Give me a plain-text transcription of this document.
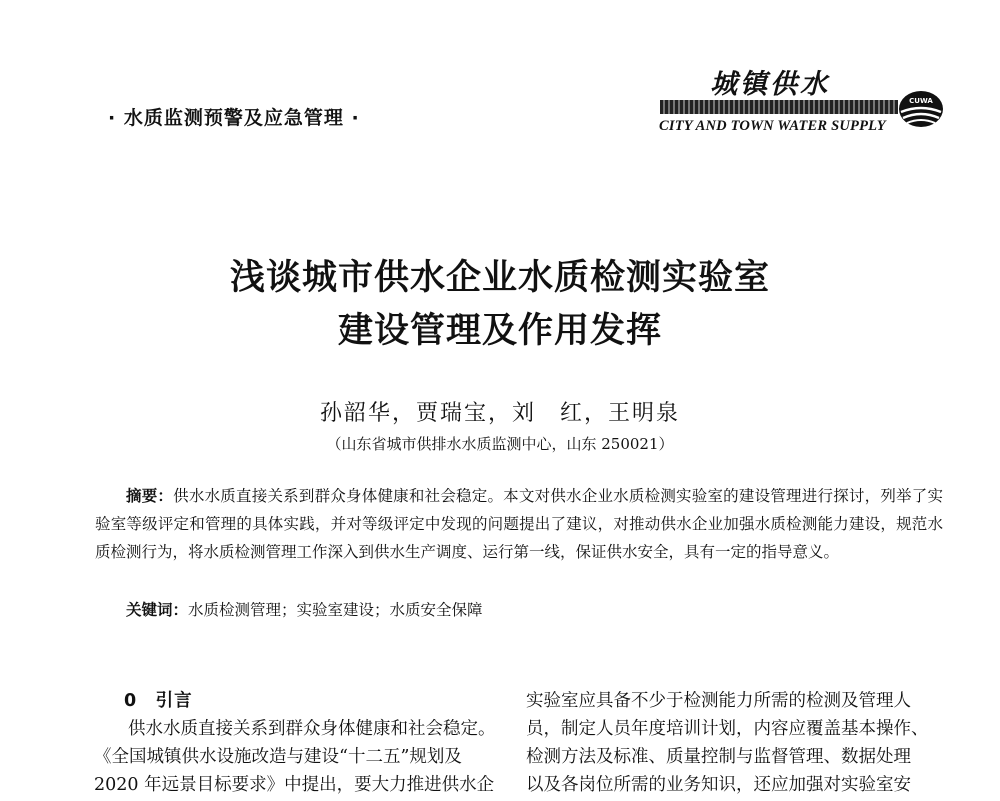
· 水质监测预警及应急管理 ·
城镇供水
CITY AND TOWN WATER SUPPLY
CUWA
浅谈城市供水企业水质检测实验室
建设管理及作用发挥
孙韶华，贾瑞宝，刘　红，王明泉
（山东省城市供排水水质监测中心，山东 250021）

摘要：供水水质直接关系到群众身体健康和社会稳定。本文对供水企业水质检测实验室的建设管理进行探讨，列举了实验室等级评定和管理的具体实践，并对等级评定中发现的问题提出了建议，对推动供水企业加强水质检测能力建设，规范水质检测行为，将水质检测管理工作深入到供水生产调度、运行第一线，保证供水安全，具有一定的指导意义。

关键词：水质检测管理；实验室建设；水质安全保障
0　引言
供水水质直接关系到群众身体健康和社会稳定。
《全国城镇供水设施改造与建设“十二五”规划及
2020 年远景目标要求》中提出，要大力推进供水企
实验室应具备不少于检测能力所需的检测及管理人
员，制定人员年度培训计划，内容应覆盖基本操作、
检测方法及标准、质量控制与监督管理、数据处理
以及各岗位所需的业务知识，还应加强对实验室安
